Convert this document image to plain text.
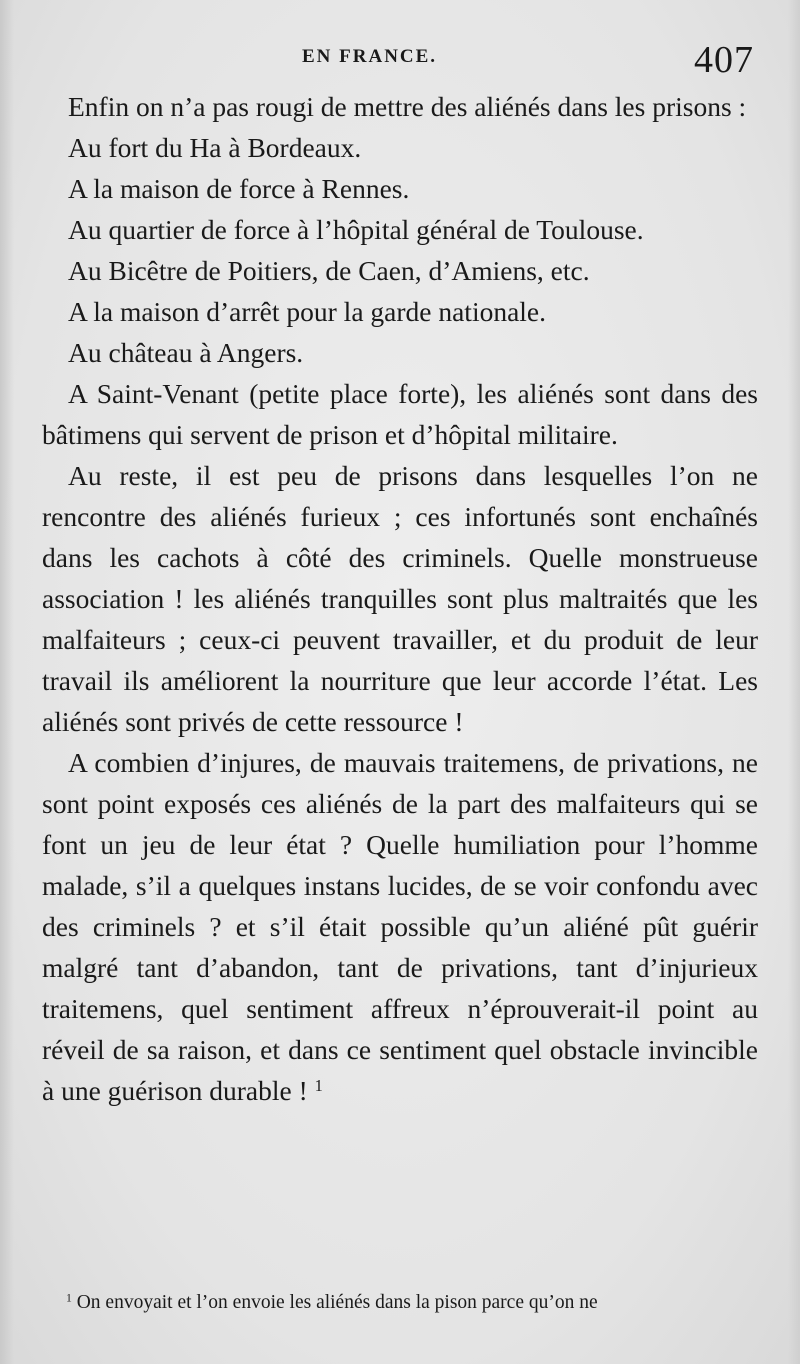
EN FRANCE.	407

Enfin on n’a pas rougi de mettre des aliénés dans les prisons :

Au fort du Ha à Bordeaux.

A la maison de force à Rennes.

Au quartier de force à l’hôpital général de Toulouse.

Au Bicêtre de Poitiers, de Caen, d’Amiens, etc.

A la maison d’arrêt pour la garde nationale.

Au château à Angers.

A Saint-Venant (petite place forte), les aliénés sont dans des bâtimens qui servent de prison et d’hôpital militaire.

Au reste, il est peu de prisons dans lesquelles l’on ne rencontre des aliénés furieux ; ces infortunés sont enchaînés dans les cachots à côté des criminels. Quelle monstrueuse association ! les aliénés tranquilles sont plus maltraités que les malfaiteurs ; ceux-ci peuvent travailler, et du produit de leur travail ils améliorent la nourriture que leur accorde l’état. Les aliénés sont privés de cette ressource !

A combien d’injures, de mauvais traitemens, de privations, ne sont point exposés ces aliénés de la part des malfaiteurs qui se font un jeu de leur état ? Quelle humiliation pour l’homme malade, s’il a quelques instans lucides, de se voir confondu avec des criminels ? et s’il était possible qu’un aliéné pût guérir malgré tant d’abandon, tant de privations, tant d’injurieux traitemens, quel sentiment affreux n’éprouverait-il point au réveil de sa raison, et dans ce sentiment quel obstacle invincible à une guérison durable ! $^1$

$^1$ On envoyait et l’on envoie les aliénés dans la pison parce qu’on ne
